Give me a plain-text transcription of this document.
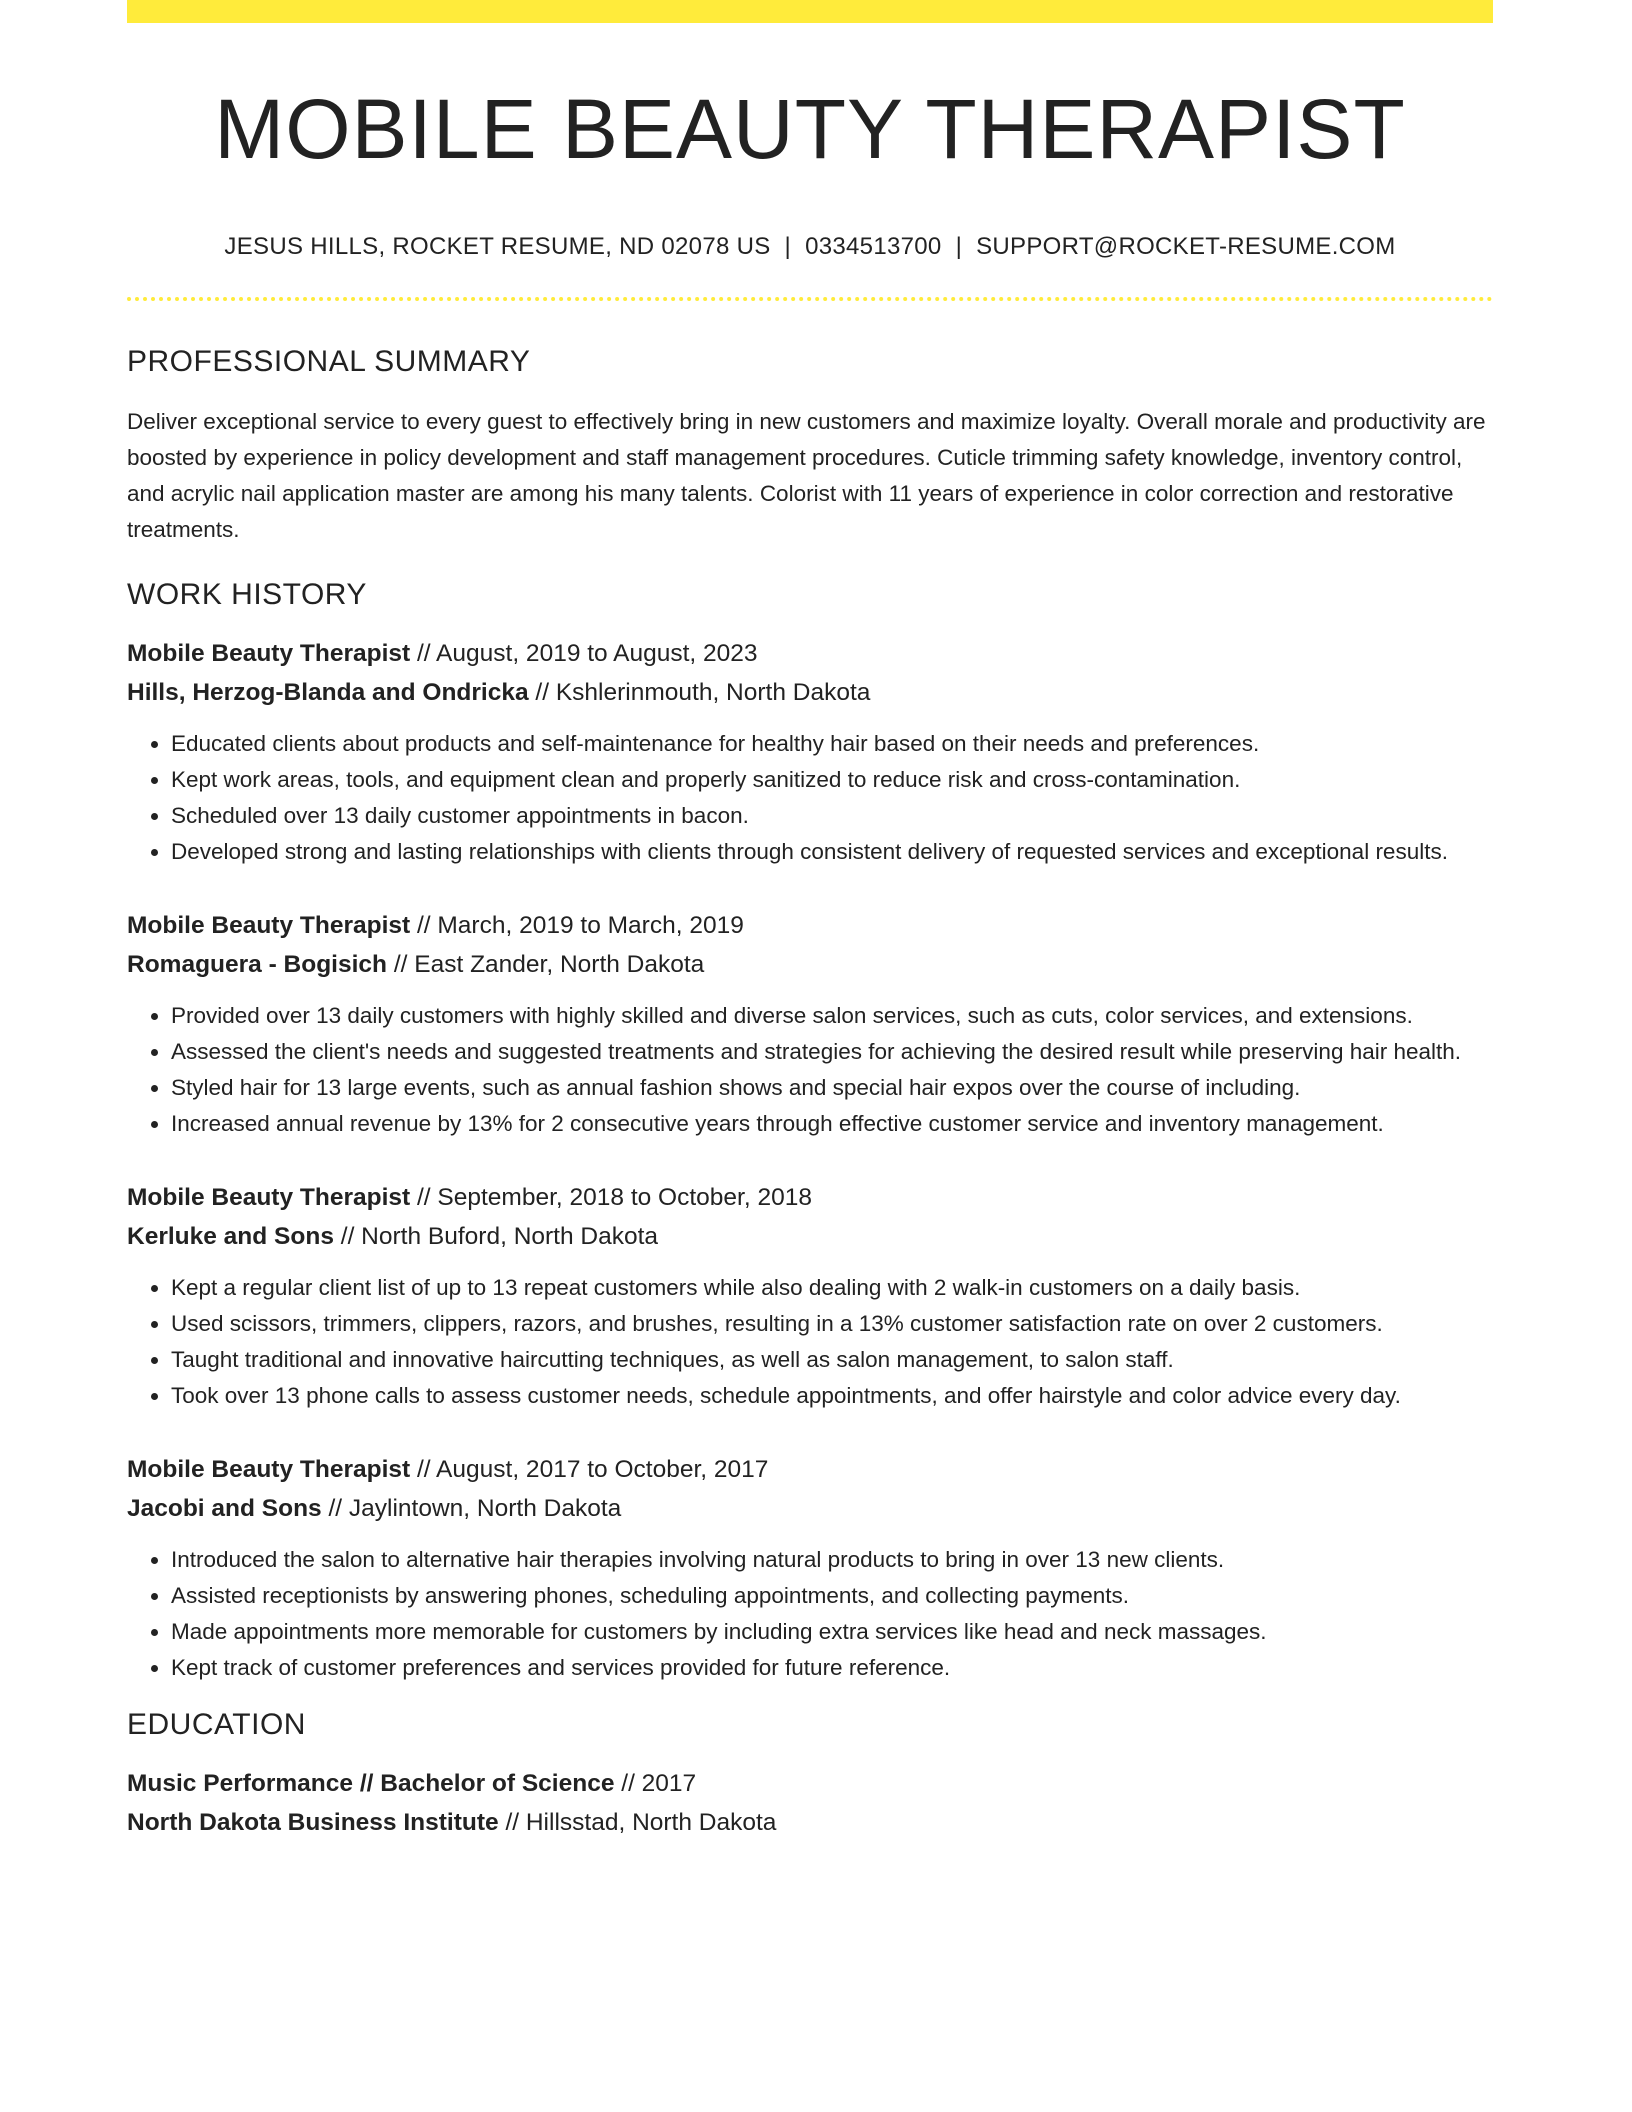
MOBILE BEAUTY THERAPIST
JESUS HILLS, ROCKET RESUME, ND 02078 US | 0334513700 | SUPPORT@ROCKET-RESUME.COM
PROFESSIONAL SUMMARY
Deliver exceptional service to every guest to effectively bring in new customers and maximize loyalty. Overall morale and productivity are boosted by experience in policy development and staff management procedures. Cuticle trimming safety knowledge, inventory control, and acrylic nail application master are among his many talents. Colorist with 11 years of experience in color correction and restorative treatments.
WORK HISTORY
Mobile Beauty Therapist // August, 2019 to August, 2023
Hills, Herzog-Blanda and Ondricka // Kshlerinmouth, North Dakota
• Educated clients about products and self-maintenance for healthy hair based on their needs and preferences.
• Kept work areas, tools, and equipment clean and properly sanitized to reduce risk and cross-contamination.
• Scheduled over 13 daily customer appointments in bacon.
• Developed strong and lasting relationships with clients through consistent delivery of requested services and exceptional results.
Mobile Beauty Therapist // March, 2019 to March, 2019
Romaguera - Bogisich // East Zander, North Dakota
• Provided over 13 daily customers with highly skilled and diverse salon services, such as cuts, color services, and extensions.
• Assessed the client's needs and suggested treatments and strategies for achieving the desired result while preserving hair health.
• Styled hair for 13 large events, such as annual fashion shows and special hair expos over the course of including.
• Increased annual revenue by 13% for 2 consecutive years through effective customer service and inventory management.
Mobile Beauty Therapist // September, 2018 to October, 2018
Kerluke and Sons // North Buford, North Dakota
• Kept a regular client list of up to 13 repeat customers while also dealing with 2 walk-in customers on a daily basis.
• Used scissors, trimmers, clippers, razors, and brushes, resulting in a 13% customer satisfaction rate on over 2 customers.
• Taught traditional and innovative haircutting techniques, as well as salon management, to salon staff.
• Took over 13 phone calls to assess customer needs, schedule appointments, and offer hairstyle and color advice every day.
Mobile Beauty Therapist // August, 2017 to October, 2017
Jacobi and Sons // Jaylintown, North Dakota
• Introduced the salon to alternative hair therapies involving natural products to bring in over 13 new clients.
• Assisted receptionists by answering phones, scheduling appointments, and collecting payments.
• Made appointments more memorable for customers by including extra services like head and neck massages.
• Kept track of customer preferences and services provided for future reference.
EDUCATION
Music Performance // Bachelor of Science // 2017
North Dakota Business Institute // Hillsstad, North Dakota
